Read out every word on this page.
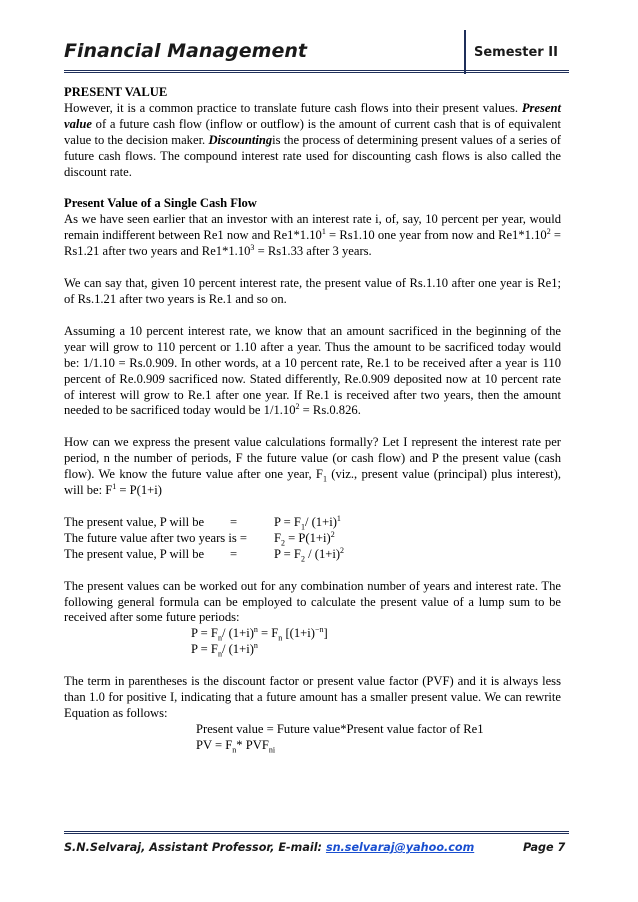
Financial Management	Semester II

PRESENT VALUE

However, it is a common practice to translate future cash flows into their present values. Present value of a future cash flow (inflow or outflow) is the amount of current cash that is of equivalent value to the decision maker. Discountingis the process of determining present values of a series of future cash flows. The compound interest rate used for discounting cash flows is also called the discount rate.

Present Value of a Single Cash Flow

As we have seen earlier that an investor with an interest rate i, of, say, 10 percent per year, would remain indifferent between Re1 now and $Re1*1.10^1 = Rs1.10$ one year from now and $Re1*1.10^2 = Rs1.21$ after two years and $Re1*1.10^3 = Rs1.33$ after 3 years.

We can say that, given 10 percent interest rate, the present value of Rs.1.10 after one year is Re1; of Rs.1.21 after two years is Re.1 and so on.

Assuming a 10 percent interest rate, we know that an amount sacrificed in the beginning of the year will grow to 110 percent or 1.10 after a year. Thus the amount to be sacrificed today would be: 1/1.10 = Rs.0.909. In other words, at a 10 percent rate, Re.1 to be received after a year is 110 percent of Re.0.909 sacrificed now. Stated differently, Re.0.909 deposited now at 10 percent rate of interest will grow to Re.1 after one year. If Re.1 is received after two years, then the amount needed to be sacrificed today would be $1/1.10^2 = Rs.0.826$.

How can we express the present value calculations formally? Let I represent the interest rate per period, n the number of periods, F the future value (or cash flow) and P the present value (cash flow). We know the future value after one year, $F_1$ (viz., present value (principal) plus interest), will be: $F^1 = P(1+i)$

The present value, P will be =	$P = F_1/$ $(1+i)^1$

The future value after two years is = $F_2 = P(1+i)^2$

The present value, P will be =	$P = F_2 / (1+i)^2$

The present values can be worked out for any combination number of years and interest rate. The following general formula can be employed to calculate the present value of a lump sum to be received after some future periods:

$P = F_n/$ $(1+i)^n = F_n$ $[(1+i)^{-n}]$

$P = F_n/$ $(1+i)^n$

The term in parentheses is the discount factor or present value factor (PVF) and it is always less than 1.0 for positive I, indicating that a future amount has a smaller present value. We can rewrite Equation as follows:

Present value = Future value*Present value factor of Re1

PV = $F_n*$ $PVF_{ni}$

S.N.Selvaraj, Assistant Professor, E-mail: sn.selvaraj@yahoo.com	Page 7
